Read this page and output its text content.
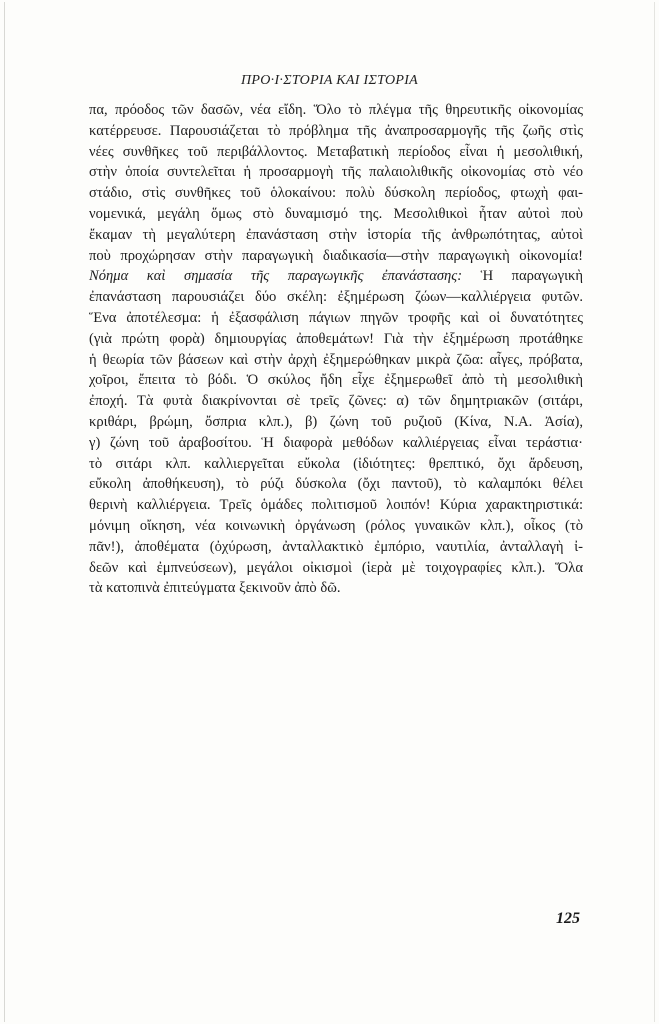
ΠΡΟ·Ι·ΣΤΟΡΙΑ ΚΑΙ ΙΣΤΟΡΙΑ
πα, πρόοδος τῶν δασῶν, νέα εἴδη. Ὅλο τὸ πλέγμα τῆς θηρευτικῆς οἰκονομίας
κατέρρευσε. Παρουσιάζεται τὸ πρόβλημα τῆς ἀναπροσαρμογῆς τῆς ζωῆς στὶς
νέες συνθῆκες τοῦ περιβάλλοντος. Μεταβατικὴ περίοδος εἶναι ἡ μεσολιθική,
στὴν ὁποία συντελεῖται ἡ προσαρμογὴ τῆς παλαιολιθικῆς οἰκονομίας στὸ νέο
στάδιο, στὶς συνθῆκες τοῦ ὁλοκαίνου: πολὺ δύσκολη περίοδος, φτωχὴ φαι-
νομενικά, μεγάλη ὅμως στὸ δυναμισμό της. Μεσολιθικοὶ ἦταν αὐτοὶ ποὺ
ἔκαμαν τὴ μεγαλύτερη ἐπανάσταση στὴν ἱστορία τῆς ἀνθρωπότητας, αὐτοὶ
ποὺ προχώρησαν στὴν παραγωγικὴ διαδικασία—στὴν παραγωγικὴ οἰκονομία!
Νόημα καὶ σημασία τῆς παραγωγικῆς ἐπανάστασης: Ἡ παραγωγικὴ
ἐπανάσταση παρουσιάζει δύο σκέλη: ἐξημέρωση ζώων—καλλιέργεια φυτῶν.
Ἕνα ἀποτέλεσμα: ἡ ἐξασφάλιση πάγιων πηγῶν τροφῆς καὶ οἱ δυνατότητες
(γιὰ πρώτη φορὰ) δημιουργίας ἀποθεμάτων! Γιὰ τὴν ἐξημέρωση προτάθηκε
ἡ θεωρία τῶν βάσεων καὶ στὴν ἀρχὴ ἐξημερώθηκαν μικρὰ ζῶα: αἶγες, πρόβατα,
χοῖροι, ἔπειτα τὸ βόδι. Ὁ σκύλος ἤδη εἶχε ἐξημερωθεῖ ἀπὸ τὴ μεσολιθικὴ
ἐποχή. Τὰ φυτὰ διακρίνονται σὲ τρεῖς ζῶνες: α) τῶν δημητριακῶν (σιτάρι,
κριθάρι, βρώμη, ὄσπρια κλπ.), β) ζώνη τοῦ ρυζιοῦ (Κίνα, Ν.Α. Ἀσία),
γ) ζώνη τοῦ ἀραβοσίτου. Ἡ διαφορὰ μεθόδων καλλιέργειας εἶναι τεράστια·
τὸ σιτάρι κλπ. καλλιεργεῖται εὔκολα (ἰδιότητες: θρεπτικό, ὄχι ἄρδευση,
εὔκολη ἀποθήκευση), τὸ ρύζι δύσκολα (ὄχι παντοῦ), τὸ καλαμπόκι θέλει
θερινὴ καλλιέργεια. Τρεῖς ὁμάδες πολιτισμοῦ λοιπόν! Κύρια χαρακτηριστικά:
μόνιμη οἴκηση, νέα κοινωνικὴ ὀργάνωση (ρόλος γυναικῶν κλπ.), οἶκος (τὸ
πᾶν!), ἀποθέματα (ὀχύρωση, ἀνταλλακτικὸ ἐμπόριο, ναυτιλία, ἀνταλλαγὴ ἰ-
δεῶν καὶ ἐμπνεύσεων), μεγάλοι οἰκισμοὶ (ἱερὰ μὲ τοιχογραφίες κλπ.). Ὅλα
τὰ κατοπινὰ ἐπιτεύγματα ξεκινοῦν ἀπὸ δῶ.
125
